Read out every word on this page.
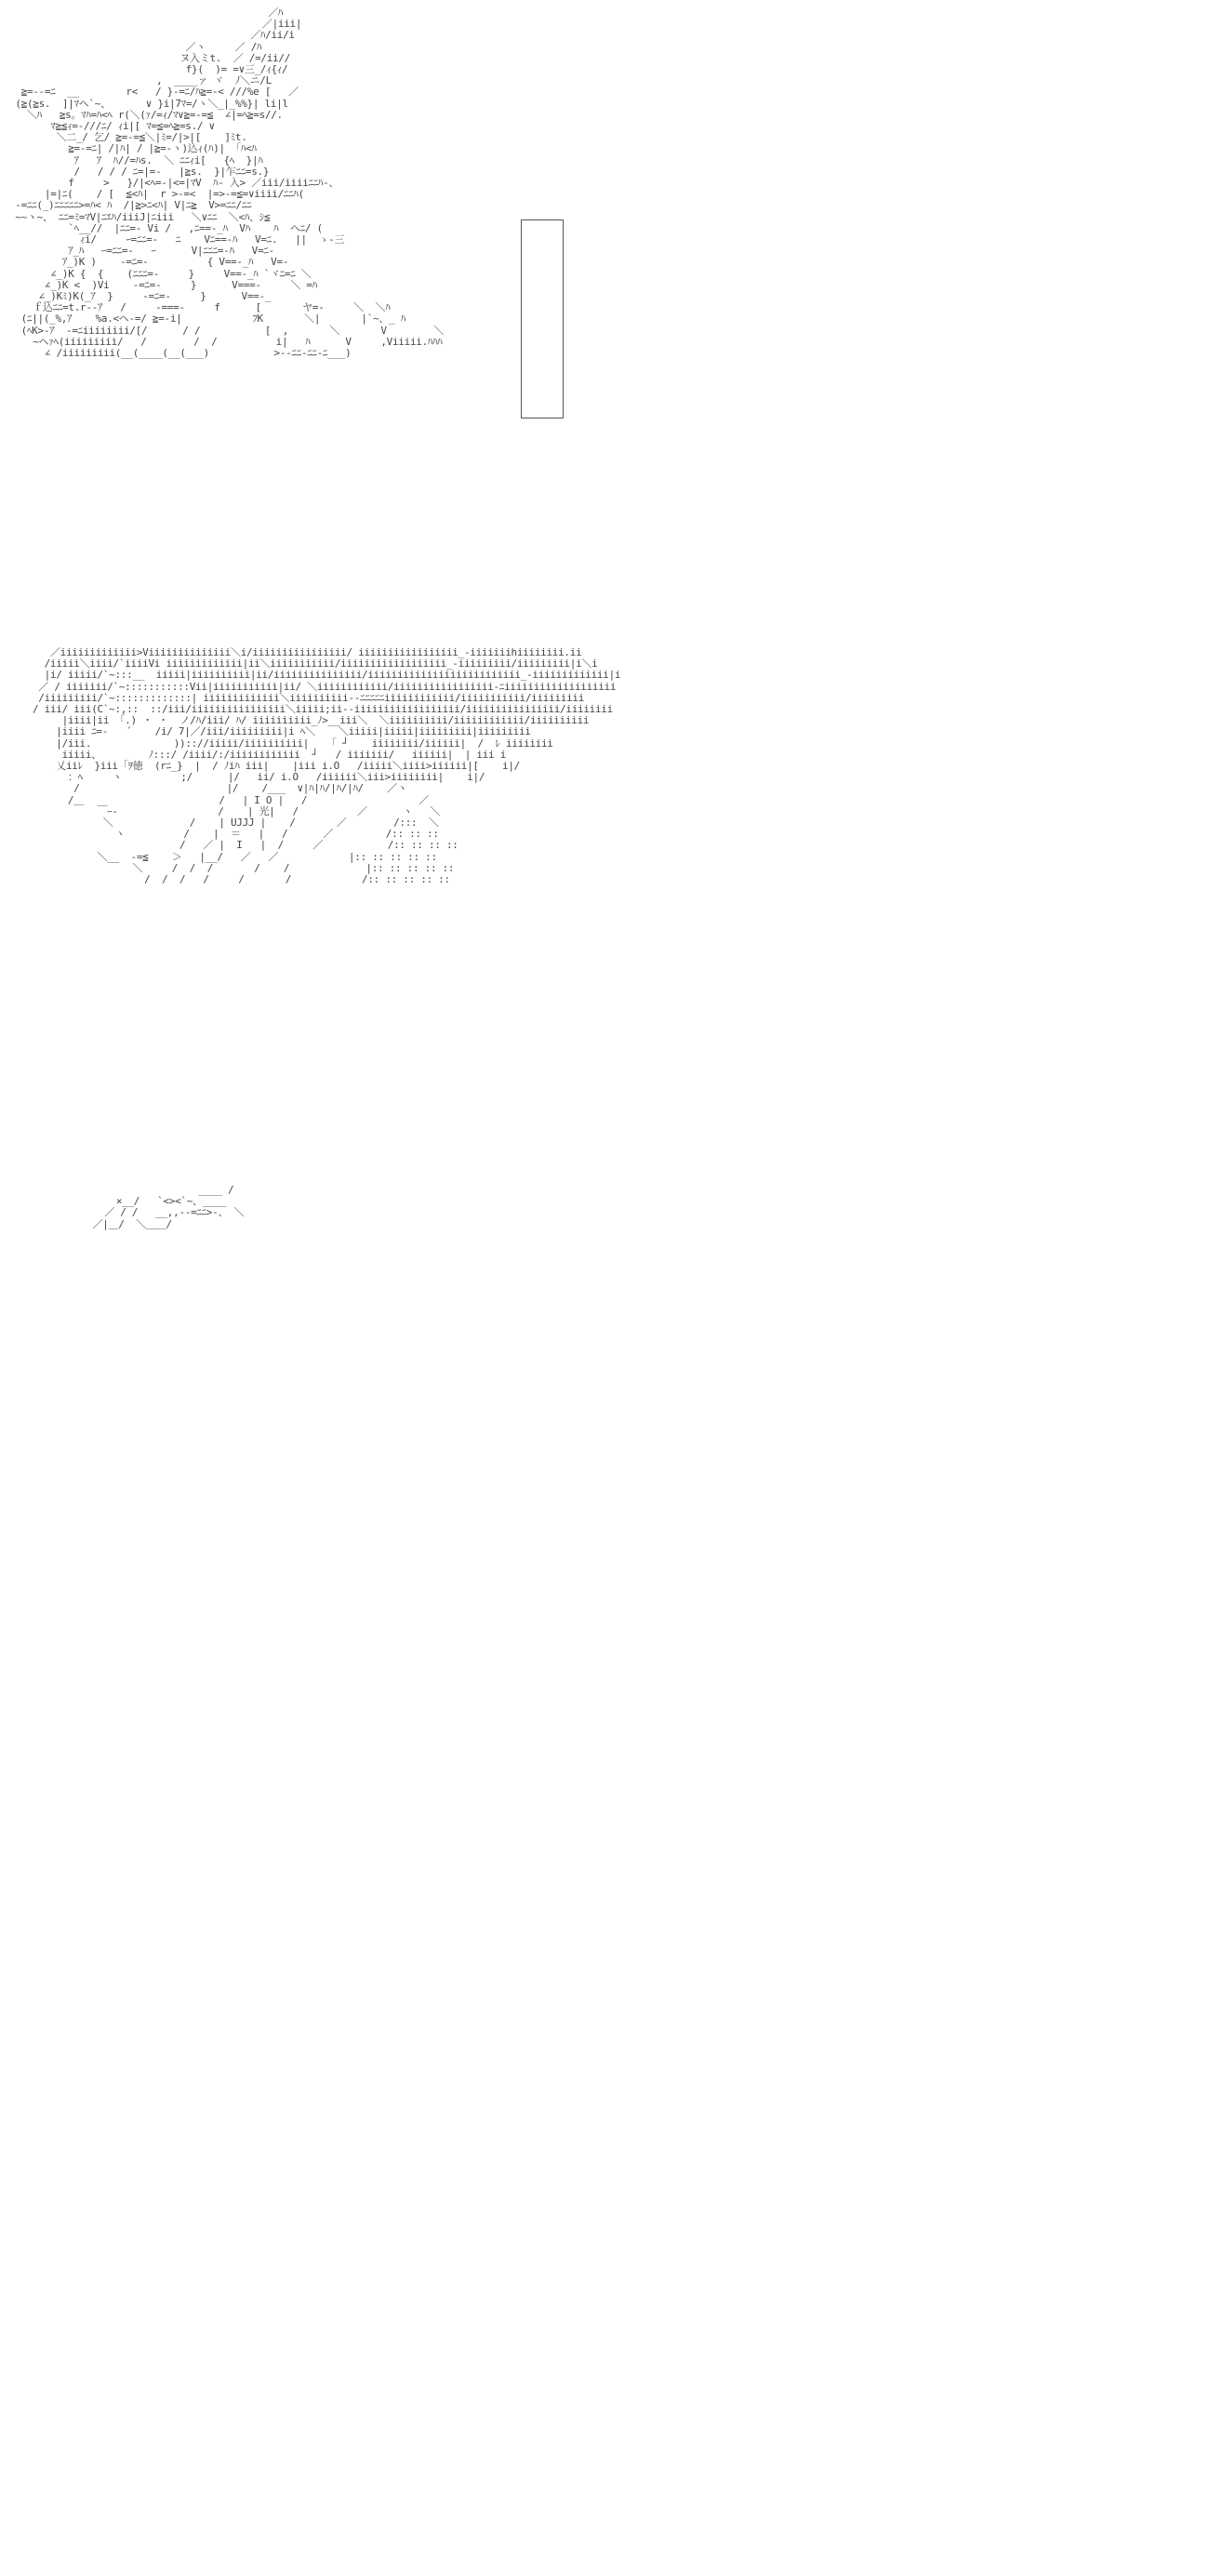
／ﾊ
／|iii|
／ﾊ/ii/i
／ヽ     ／ /ﾊ
ヌ入ミt.  ／ /=/ii//
f}(  )= =∨三_/ｨ{ｨ/
,  ____ァ ヾ  ﾉ＼ニ/L
≧=--=ﾆ  __        r<   / }-=ﾆ/ﾊ≧=-< ///%e [   ／
(≧(≧s.  ]|ﾏヘ`~、      ∨ }i|7ﾏ=/ヽ＼_|_%%}| li|l
＼ﾊ   ≧s。ﾏﾊ=ﾊ<ﾍ r(＼(ｧ/=ｨ/ﾏ∨≧=-=≦  ∠|=ﾍ≧=s//.
ﾏ≧≦ｨ=-///ﾆ/ ｨi|[ ﾏ=≦=ﾍ≧=s./ ∨
＼二_/ 乞/ ≧=-=≦＼|ﾐ=/|>|[    ]ﾐt.
≧=-=ﾆ| /|ﾊ| / |≧=-ヽ)込ｨ(ﾊ)| 「ﾊ<ﾊ
ｱ   ｱ  ﾊ//=ﾊs.  ＼ ﾆﾆｨi[   {ﾍ  }|ﾊ
/   / / / ﾆ=|=-   |≧s.  }|乍ﾆﾆ=s.}
f     >   }/|<ﾍ=-|<=|ﾏV  ﾊ- 入> ／iii/iiiiﾆﾆﾊ-、
|=|ﾆ(    / [  ≦<ﾊ|  r >-=<  |=>-=≦=∨iiii/ﾆﾆﾊ(
-=ﾆﾆ(_)ﾆﾆﾆﾆﾆ>=ﾊ< ﾊ  /|≧>ﾆ<ﾊ| V|ﾆ≧  V>=ﾆﾆ/ﾆﾆ
~~ヽ~、 ﾆﾆ=ﾐ=ﾏV|ﾆｴﾊ/iiiJ|ﾆiii   ＼∨ﾆﾆ  ＼<ﾊ、ｼ≦
`ﾍ__//  |ﾆﾆ=- Vi /   ,ﾆ==-_ﾊ  Vﾊ    ﾊ  ヘﾆ/ (
ｨi/     ｰ=ﾆﾆ=-   ﾆ    Vﾆ==-ﾊ   V=ﾆ.   ||  ゝ-三
ｱ_ﾊ   ｰ=ﾆﾆ=-   ｰ      V|ﾆﾆﾆ=-ﾊ   V=ﾆ-
ｱ_)K )    -=ﾆ=-          { V==-_ﾊ   V=-
∠_)K {  {    (ﾆﾆﾆ=-     }     V==-_ﾊ `ヾﾆ=ﾆ ＼
∠_)K <  )Vi    -=ﾆ=-     }      V===-     ＼ =ﾊ
∠_)Kﾐ)K(_ｱ  }     -=ﾆ=-     }      V==-_
ｆ込ﾆﾆ=t.r--ｱ   /     -===-     f      [       ヤ=-     ＼  ＼ﾊ
(ﾆ||(_%,ｱ    %a.<ヘ-=/ ≧=-i|            ﾌK       ＼|       |`~、_ ﾊ
(ﾍK>-ｱ  -=ﾆiiiiiiii/[/      / /           [  ,       ＼       V        ＼
~ヘｧﾍ(iiiiiiiii/   /        /  /          i|   ﾊ      V     ,Viiiii.ﾊﾊﾊ
∠ /iiiiiiiii(__(____(__(___)           >--ﾆﾆ-ﾆﾆ-ﾆ___)

／iiiiiiiiiiiii>Viiiiiiiiiiiiii＼i/iiiiiiiiiiiiiiii/ iiiiiiiiiiiiiiiii_-iiiiiiihiiiiiiii.ii
/iiiii＼iiii/`iiiiVi iiiiiiiiiiiii|ii＼iiiiiiiiiii/iiiiiiiiiiiiiiiiii_-iiiiiiiii/iiiiiiiii|i＼i
|i/ iiiii/`~:::__  iiiii|iiiiiiiiii|ii/iiiiiiiiiiiiiii/iiiiiiiiiiiiiiiiiiiiiiiiii_-iiiiiiiiiiiii|i
／ / iiiiiii/`~:::::::::::Vii|iiiiiiiiiii|ii/ ＼iiiiiiiiiiii/iiiiiiiiiiiiiiiii-ﾆiiiiiiiiiiiiiiiiiii
/iiiiiiiii/`~:::::::::::::| iiiiiiiiiiiii＼iiiiiiiiii--ﾆﾆﾆﾆﾆiiiiiiiiiiii/iiiiiiiiiii/iiiiiiiii
/ iii/ iii(C`~:,::  ::/iii/iiiiiiiiiiiiiiii＼iiiii;ii--iiiiiiiiiiiiiiiiii/iiiiiiiiiiiiiiii/iiiiiiii
|iiii|ii 「.) ・ ・  ノ/ﾊ/iii/ ﾊ/ iiiiiiiiii_ﾉ>__iii＼  ＼iiiiiiiiii/iiiiiiiiiiii/iiiiiiiiii
|iiii ﾆ=-   ´    /i/ 7|／/iii/iiiiiiiii|i ﾍ＼    ＼iiiii|iiiii|iiiiiiiii|iiiiiiiii
|/iii.              )):://iiiii/iiiiiiiiii|   「 ┘    iiiiiiii/iiiiii|  /  ﾚ iiiiiiii
iiiii、        ﾉ:::/ /iiii/:/iiiiiiiiiiii  ┘   / iiiiiii/   iiiiii|  | iii i
乂iiﾚ  }iii「ｦ徳  (rﾆ_}  |  / ﾉiﾊ iii|    |iii i.O   /iiiii＼iiii>iiiiii|[    i|/
：ﾍ     ヽ          ;/      |/   ii/ i.O   /iiiiii＼iii>iiiiiiii|    i|/
/                         |/    /___  ∨|ﾊ|ﾊ/|ﾊ/|ﾊ/    ／ヽ
/＿                       /   | I O |   /                   ／
￣ｰ-                 /    | 光|   /          ／      ヽ   ＼
＼             /    | UJJJ |    /       ／        /:::  ＼
ヽ          /    |  ＝   |   /      ／         /:: :: ::
/   ／ |  I   |  /     ／           /:: :: :: ::
＼__  -=≦    ＞   |__/   ／   ／            |:: :: :: :: ::
＼     /  /  /       /    /             |:: :: :: :: ::
/  /  /   /     /       /            /:: :: :: :: ::

____ /
×__/   `<><`~、____
／ / /   __,,--=ﾆﾆ>-、 ＼
／|＿/  ＼＿＿/
